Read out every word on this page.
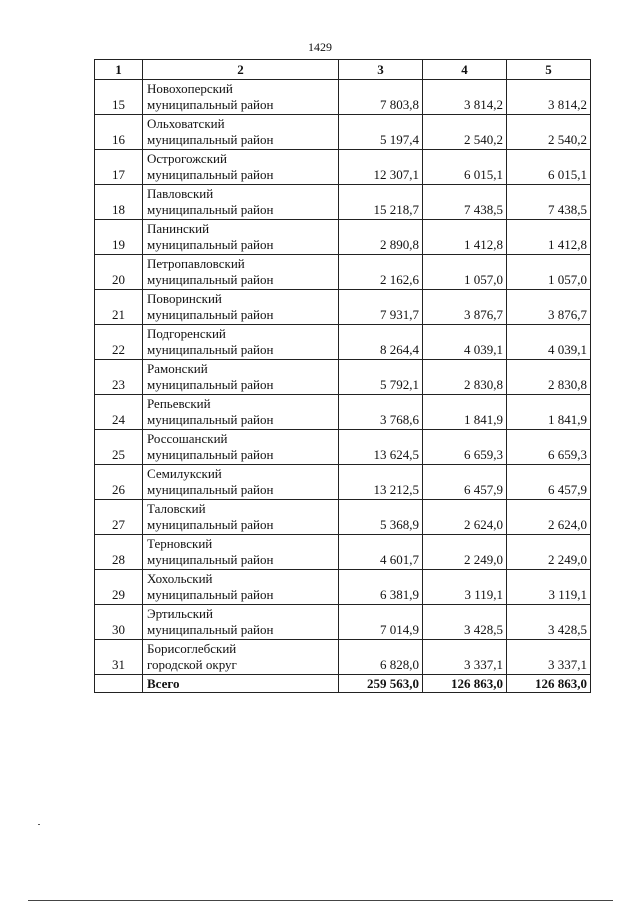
1429
1	2	3	4	5
15	Новохоперский
муниципальный район	7 803,8	3 814,2	3 814,2
16	Ольховатский
муниципальный район	5 197,4	2 540,2	2 540,2
17	Острогожский
муниципальный район	12 307,1	6 015,1	6 015,1
18	Павловский
муниципальный район	15 218,7	7 438,5	7 438,5
19	Панинский
муниципальный район	2 890,8	1 412,8	1 412,8
20	Петропавловский
муниципальный район	2 162,6	1 057,0	1 057,0
21	Поворинский
муниципальный район	7 931,7	3 876,7	3 876,7
22	Подгоренский
муниципальный район	8 264,4	4 039,1	4 039,1
23	Рамонский
муниципальный район	5 792,1	2 830,8	2 830,8
24	Репьевский
муниципальный район	3 768,6	1 841,9	1 841,9
25	Россошанский
муниципальный район	13 624,5	6 659,3	6 659,3
26	Семилукский
муниципальный район	13 212,5	6 457,9	6 457,9
27	Таловский
муниципальный район	5 368,9	2 624,0	2 624,0
28	Терновский
муниципальный район	4 601,7	2 249,0	2 249,0
29	Хохольский
муниципальный район	6 381,9	3 119,1	3 119,1
30	Эртильский
муниципальный район	7 014,9	3 428,5	3 428,5
31	Борисоглебский
городской округ	6 828,0	3 337,1	3 337,1
	Всего	259 563,0	126 863,0	126 863,0
